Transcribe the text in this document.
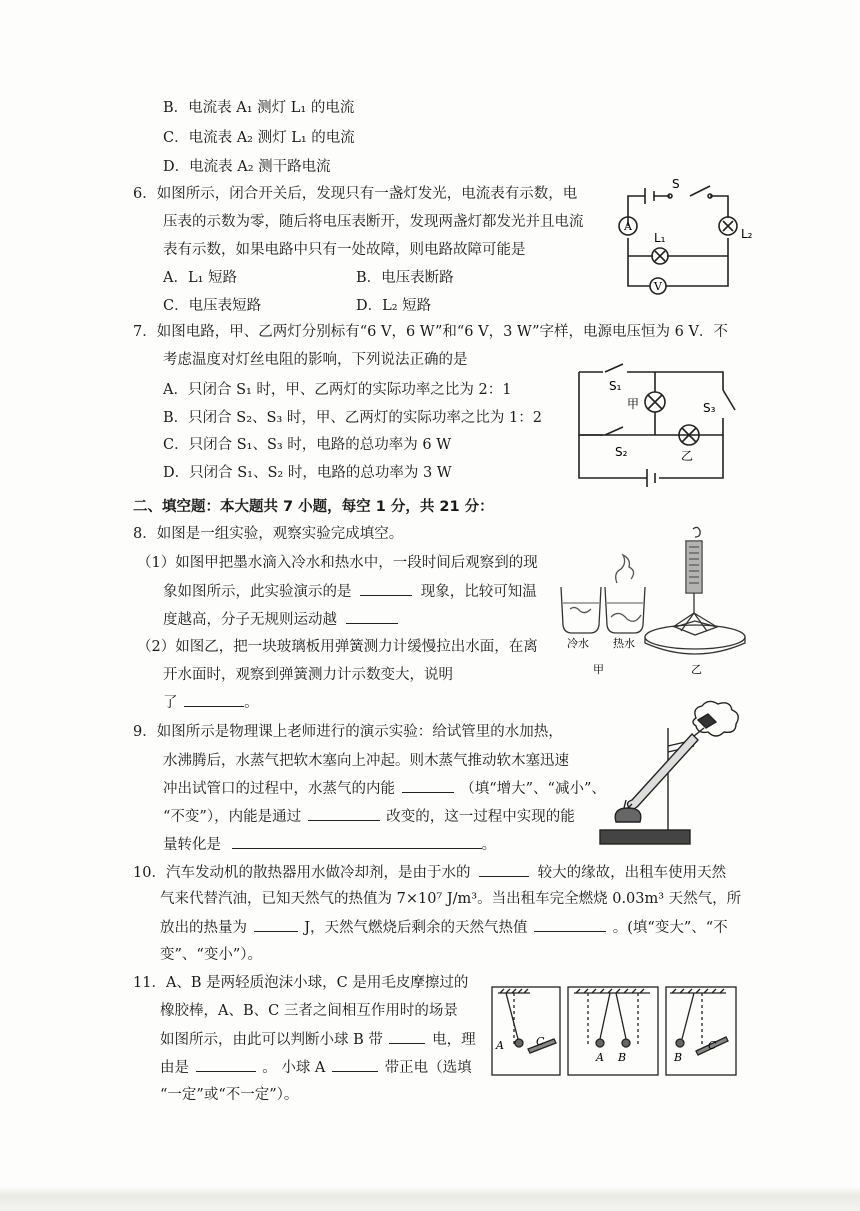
B．电流表 A₁ 测灯 L₁ 的电流
C．电流表 A₂ 测灯 L₁ 的电流
D．电流表 A₂ 测干路电流
6．如图所示，闭合开关后，发现只有一盏灯发光，电流表有示数，电
压表的示数为零，随后将电压表断开，发现两盏灯都发光并且电流
表有示数，如果电路中只有一处故障，则电路故障可能是
A．L₁ 短路	B．电压表断路
C．电压表短路	D．L₂ 短路
A
V
S
L₁	L₂
7．如图电路，甲、乙两灯分别标有“6 V，6 W”和“6 V，3 W”字样，电源电压恒为 6 V．不
考虑温度对灯丝电阻的影响，下列说法正确的是
A．只闭合 S₁ 时，甲、乙两灯的实际功率之比为 2：1
B．只闭合 S₂、S₃ 时，甲、乙两灯的实际功率之比为 1：2
C．只闭合 S₁、S₃ 时，电路的总功率为 6 W
D．只闭合 S₁、S₂ 时，电路的总功率为 3 W
S₁
S₂
S₃
甲
乙
二、填空题：本大题共 7 小题，每空 1 分，共 21 分：
8．如图是一组实验，观察实验完成填空。
（1）如图甲把墨水滴入冷水和热水中，一段时间后观察到的现
象如图所示，此实验演示的是	现象，比较可知温
度越高，分子无规则运动越
（2）如图乙，把一块玻璃板用弹簧测力计缓慢拉出水面，在离
开水面时，观察到弹簧测力计示数变大，说明
了	。
冷水 热水
甲	乙
9．如图所示是物理课上老师进行的演示实验：给试管里的水加热，
水沸腾后，水蒸气把软木塞向上冲起。则木蒸气推动软木塞迅速
冲出试管口的过程中，水蒸气的内能	（填“增大”、“减小”、
“不变”），内能是通过	改变的，这一过程中实现的能
量转化是	。
10．汽车发动机的散热器用水做冷却剂，是由于水的	较大的缘故，出租车使用天然
气来代替汽油，已知天然气的热值为 7×10⁷ J/m³。当出租车完全燃烧 0.03m³ 天然气，所
放出的热量为	J，天然气燃烧后剩余的天然气热值	。(填“变大”、“不
变”、“变小”）。
11．A、B 是两轻质泡沫小球，C 是用毛皮摩擦过的
橡胶棒，A、B、C 三者之间相互作用时的场景
如图所示，由此可以判断小球 B 带	电，理
由是	。 小球 A	带正电（选填
“一定”或“不一定”）。
A	C
A B	B
C
